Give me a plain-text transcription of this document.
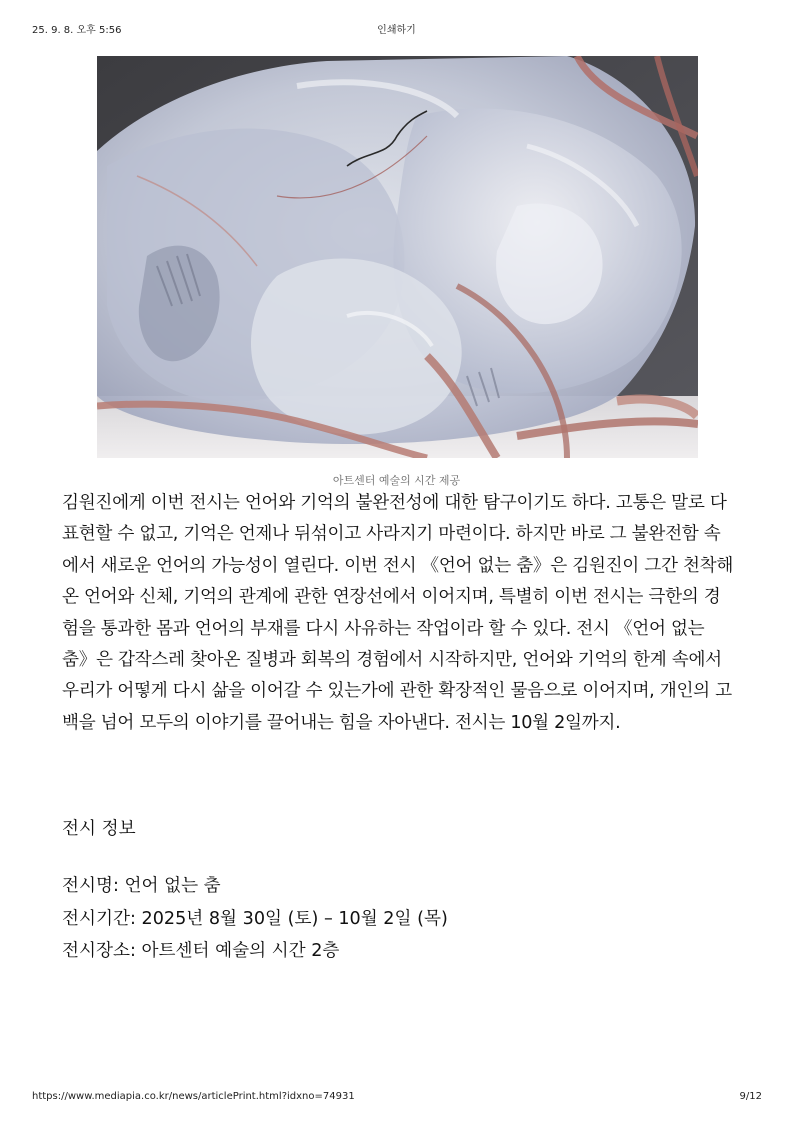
25. 9. 8. 오후 5:56	인쇄하기
아트센터 예술의 시간 제공

김원진에게 이번 전시는 언어와 기억의 불완전성에 대한 탐구이기도 하다. 고통은 말로 다 표현할 수 없고, 기억은 언제나 뒤섞이고 사라지기 마련이다. 하지만 바로 그 불완전함 속에서 새로운 언어의 가능성이 열린다. 이번 전시 《언어 없는 춤》은 김원진이 그간 천착해 온 언어와 신체, 기억의 관계에 관한 연장선에서 이어지며, 특별히 이번 전시는 극한의 경험을 통과한 몸과 언어의 부재를 다시 사유하는 작업이라 할 수 있다. 전시 《언어 없는 춤》은 갑작스레 찾아온 질병과 회복의 경험에서 시작하지만, 언어와 기억의 한계 속에서 우리가 어떻게 다시 삶을 이어갈 수 있는가에 관한 확장적인 물음으로 이어지며, 개인의 고백을 넘어 모두의 이야기를 끌어내는 힘을 자아낸다. 전시는 10월 2일까지.

전시 정보

전시명: 언어 없는 춤
전시기간: 2025년 8월 30일 (토) – 10월 2일 (목)
전시장소: 아트센터 예술의 시간 2층
https://www.mediapia.co.kr/news/articlePrint.html?idxno=74931	9/12
